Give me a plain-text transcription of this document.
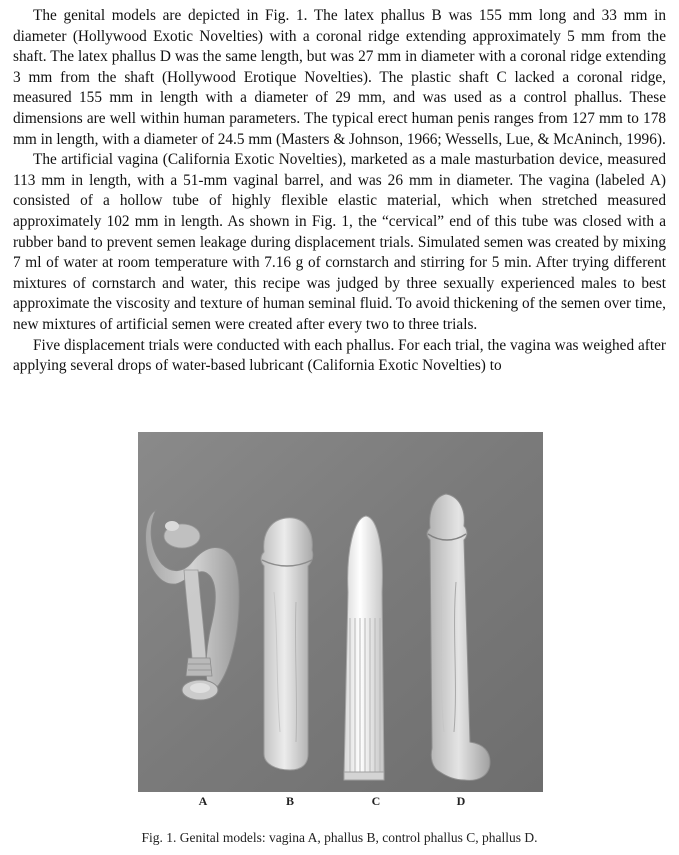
The genital models are depicted in Fig. 1. The latex phallus B was 155 mm long and 33 mm in diameter (Hollywood Exotic Novelties) with a coronal ridge extending approximately 5 mm from the shaft. The latex phallus D was the same length, but was 27 mm in diameter with a coronal ridge extending 3 mm from the shaft (Hollywood Erotique Novelties). The plastic shaft C lacked a coronal ridge, measured 155 mm in length with a diameter of 29 mm, and was used as a control phallus. These dimensions are well within human parameters. The typical erect human penis ranges from 127 mm to 178 mm in length, with a diameter of 24.5 mm (Masters & Johnson, 1966; Wessells, Lue, & McAninch, 1996).

The artificial vagina (California Exotic Novelties), marketed as a male masturbation device, measured 113 mm in length, with a 51-mm vaginal barrel, and was 26 mm in diameter. The vagina (labeled A) consisted of a hollow tube of highly flexible elastic material, which when stretched measured approximately 102 mm in length. As shown in Fig. 1, the “cervical” end of this tube was closed with a rubber band to prevent semen leakage during displacement trials. Simulated semen was created by mixing 7 ml of water at room temperature with 7.16 g of cornstarch and stirring for 5 min. After trying different mixtures of cornstarch and water, this recipe was judged by three sexually experienced males to best approximate the viscosity and texture of human seminal fluid. To avoid thickening of the semen over time, new mixtures of artificial semen were created after every two to three trials.

Five displacement trials were conducted with each phallus. For each trial, the vagina was weighed after applying several drops of water-based lubricant (California Exotic Novelties) to

A	B	C	D
Fig. 1. Genital models: vagina A, phallus B, control phallus C, phallus D.
